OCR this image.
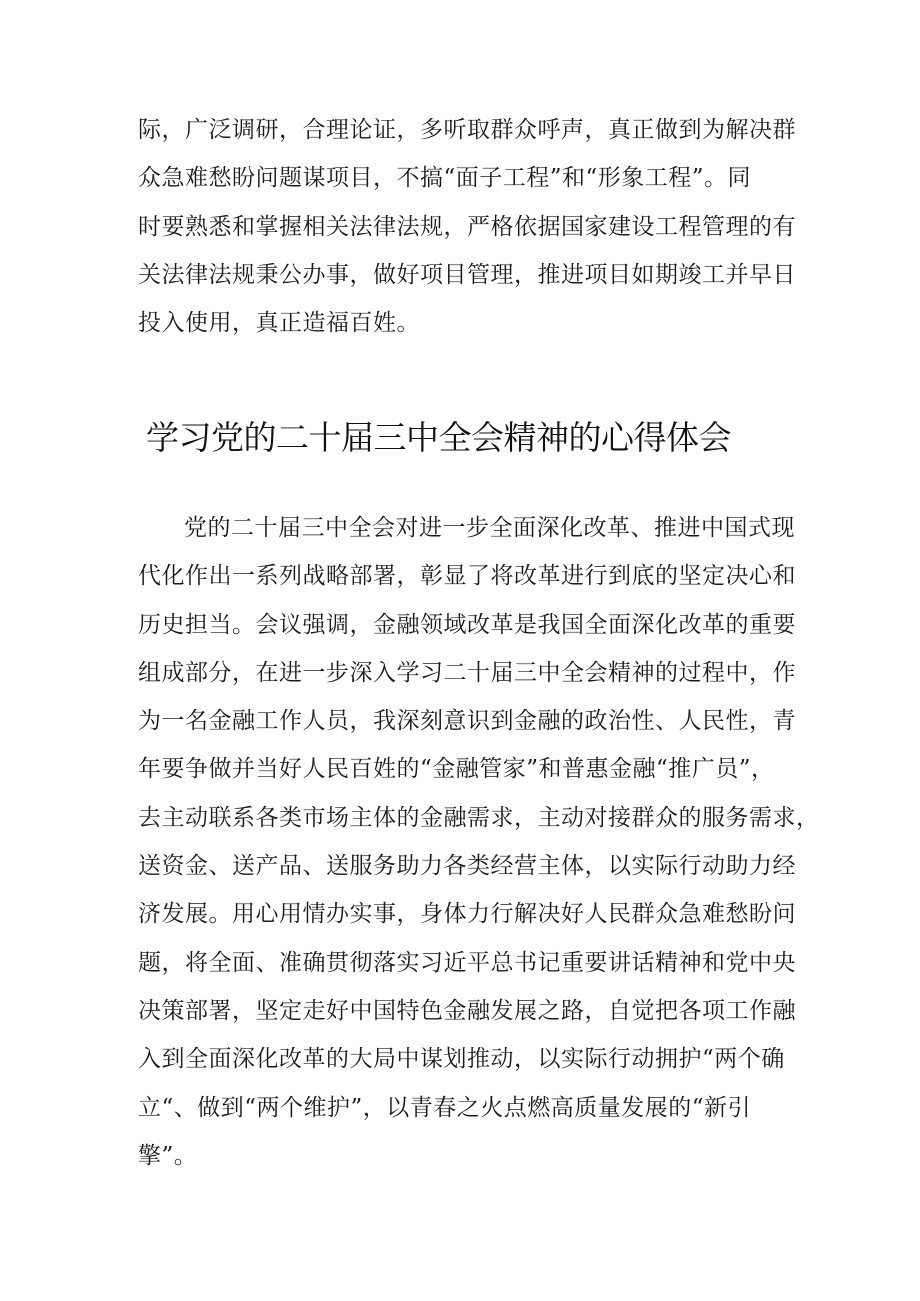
际，广泛调研，合理论证，多听取群众呼声，真正做到为解决群
众急难愁盼问题谋项目，不搞“面子工程”和“形象工程”。同
时要熟悉和掌握相关法律法规，严格依据国家建设工程管理的有
关法律法规秉公办事，做好项目管理，推进项目如期竣工并早日
投入使用，真正造福百姓。
学习党的二十届三中全会精神的心得体会
党的二十届三中全会对进一步全面深化改革、推进中国式现
代化作出一系列战略部署，彰显了将改革进行到底的坚定决心和
历史担当。会议强调，金融领域改革是我国全面深化改革的重要
组成部分，在进一步深入学习二十届三中全会精神的过程中，作
为一名金融工作人员，我深刻意识到金融的政治性、人民性，青
年要争做并当好人民百姓的“金融管家”和普惠金融“推广员”，
去主动联系各类市场主体的金融需求，主动对接群众的服务需求，
送资金、送产品、送服务助力各类经营主体，以实际行动助力经
济发展。用心用情办实事，身体力行解决好人民群众急难愁盼问
题，将全面、准确贯彻落实习近平总书记重要讲话精神和党中央
决策部署，坚定走好中国特色金融发展之路，自觉把各项工作融
入到全面深化改革的大局中谋划推动，以实际行动拥护“两个确
立“、做到“两个维护”，以青春之火点燃高质量发展的“新引
擎”。
